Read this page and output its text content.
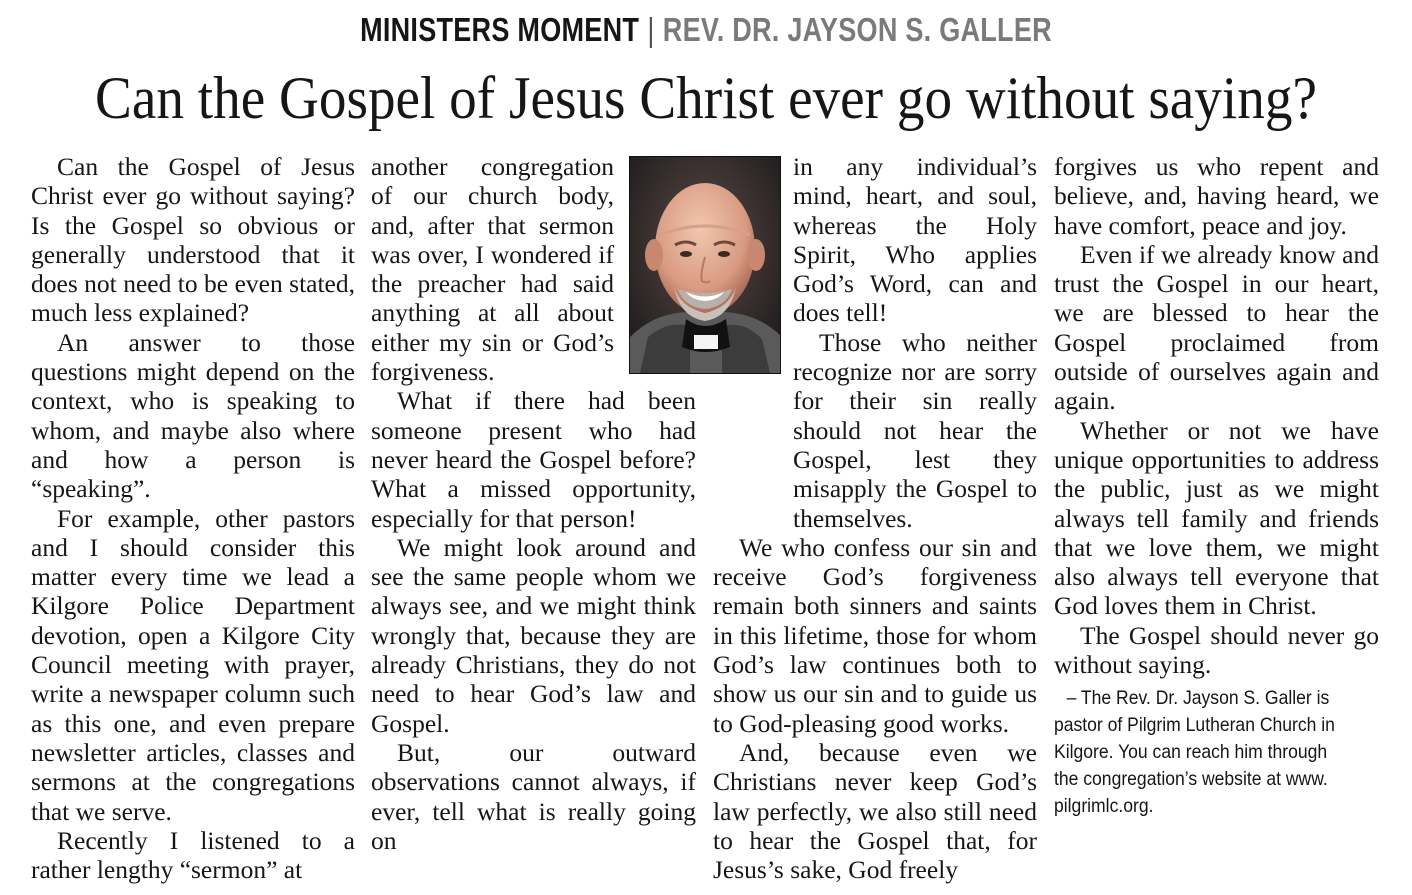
MINISTERS MOMENT | REV. DR. JAYSON S. GALLER
Can the Gospel of Jesus Christ ever go without saying?

Can the Gospel of Jesus Christ ever go without saying? Is the Gospel so obvious or generally understood that it does not need to be even stated, much less explained?

An answer to those questions might depend on the context, who is speaking to whom, and maybe also where and how a person is “speaking”.

For example, other pastors and I should consider this matter every time we lead a Kilgore Police Department devotion, open a Kilgore City Council meeting with prayer, write a newspaper column such as this one, and even prepare newsletter articles, classes and sermons at the congregations that we serve.

Recently I listened to a rather lengthy “sermon” at

another congregation of our church body, and, after that sermon was over, I wondered if the preacher had said anything at all about either my sin or God’s forgiveness.

What if there had been someone present who had never heard the Gospel before? What a missed opportunity, especially for that person!

We might look around and see the same people whom we always see, and we might think wrongly that, because they are already Christians, they do not need to hear God’s law and Gospel.

But, our outward observations cannot always, if ever, tell what is really going on

in any individual’s mind, heart, and soul, whereas the Holy Spirit, Who applies God’s Word, can and does tell!

Those who neither recognize nor are sorry for their sin really should not hear the Gospel, lest they misapply the Gospel to themselves.

We who confess our sin and receive God’s forgiveness remain both sinners and saints in this lifetime, those for whom God’s law continues both to show us our sin and to guide us to God-pleasing good works.

And, because even we Christians never keep God’s law perfectly, we also still need to hear the Gospel that, for Jesus’s sake, God freely

forgives us who repent and believe, and, having heard, we have comfort, peace and joy.

Even if we already know and trust the Gospel in our heart, we are blessed to hear the Gospel proclaimed from outside of ourselves again and again.

Whether or not we have unique opportunities to address the public, just as we might always tell family and friends that we love them, we might also always tell everyone that God loves them in Christ.

The Gospel should never go without saying.

– The Rev. Dr. Jayson S. Galler is
pastor of Pilgrim Lutheran Church in
Kilgore. You can reach him through
the congregation’s website at www.
pilgrimlc.org.
